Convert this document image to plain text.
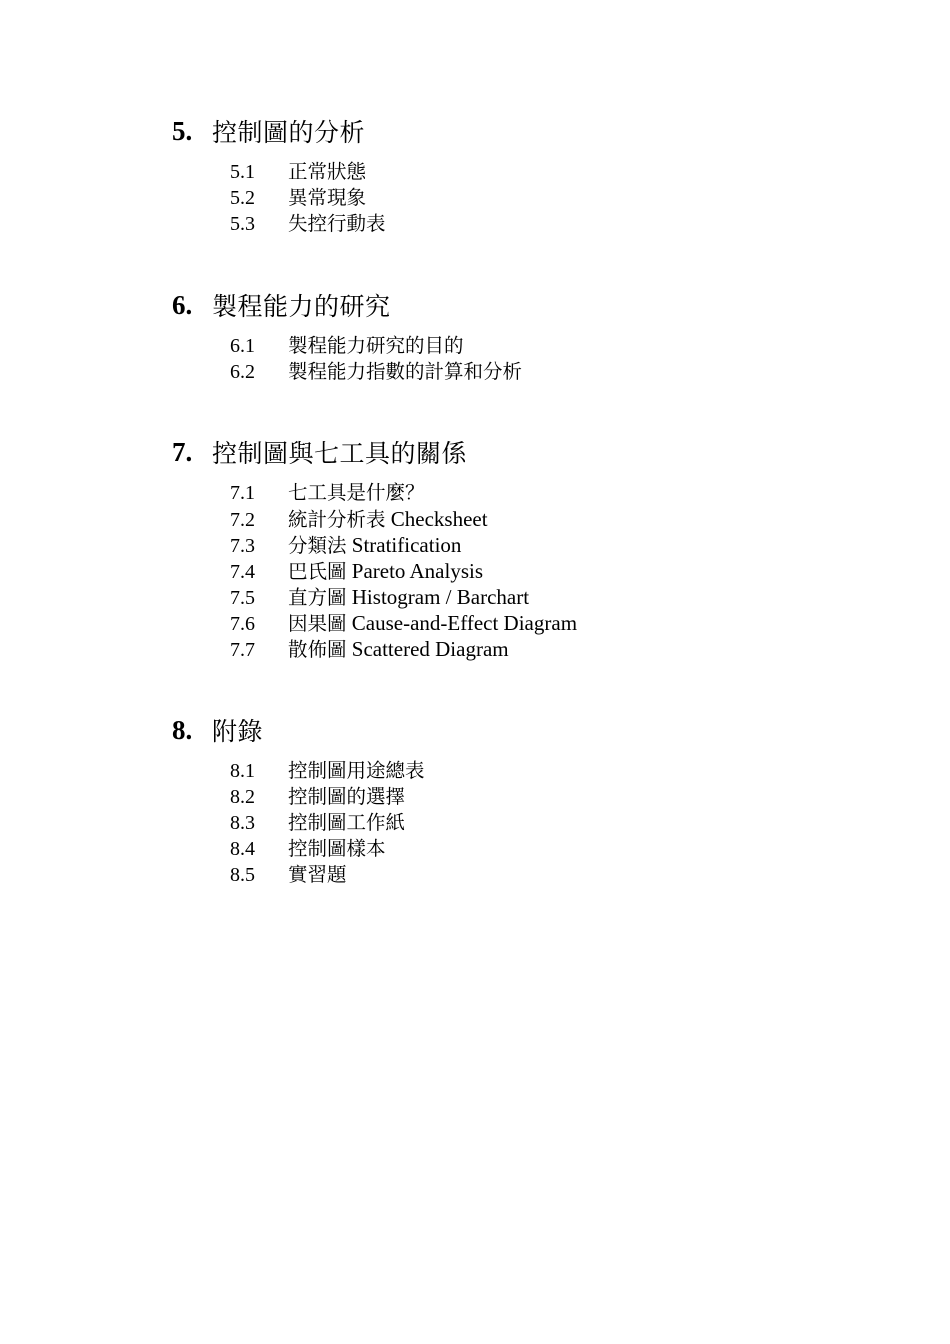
5. 控制圖的分析
5.1 正常狀態
5.2 異常現象
5.3 失控行動表
6. 製程能力的研究
6.1 製程能力研究的目的
6.2 製程能力指數的計算和分析
7. 控制圖與七工具的關係
7.1 七工具是什麼？
7.2 統計分析表 Checksheet
7.3 分類法 Stratification
7.4 巴氏圖 Pareto Analysis
7.5 直方圖 Histogram / Barchart
7.6 因果圖 Cause-and-Effect Diagram
7.7 散佈圖 Scattered Diagram
8. 附錄
8.1 控制圖用途總表
8.2 控制圖的選擇
8.3 控制圖工作紙
8.4 控制圖樣本
8.5 實習題
